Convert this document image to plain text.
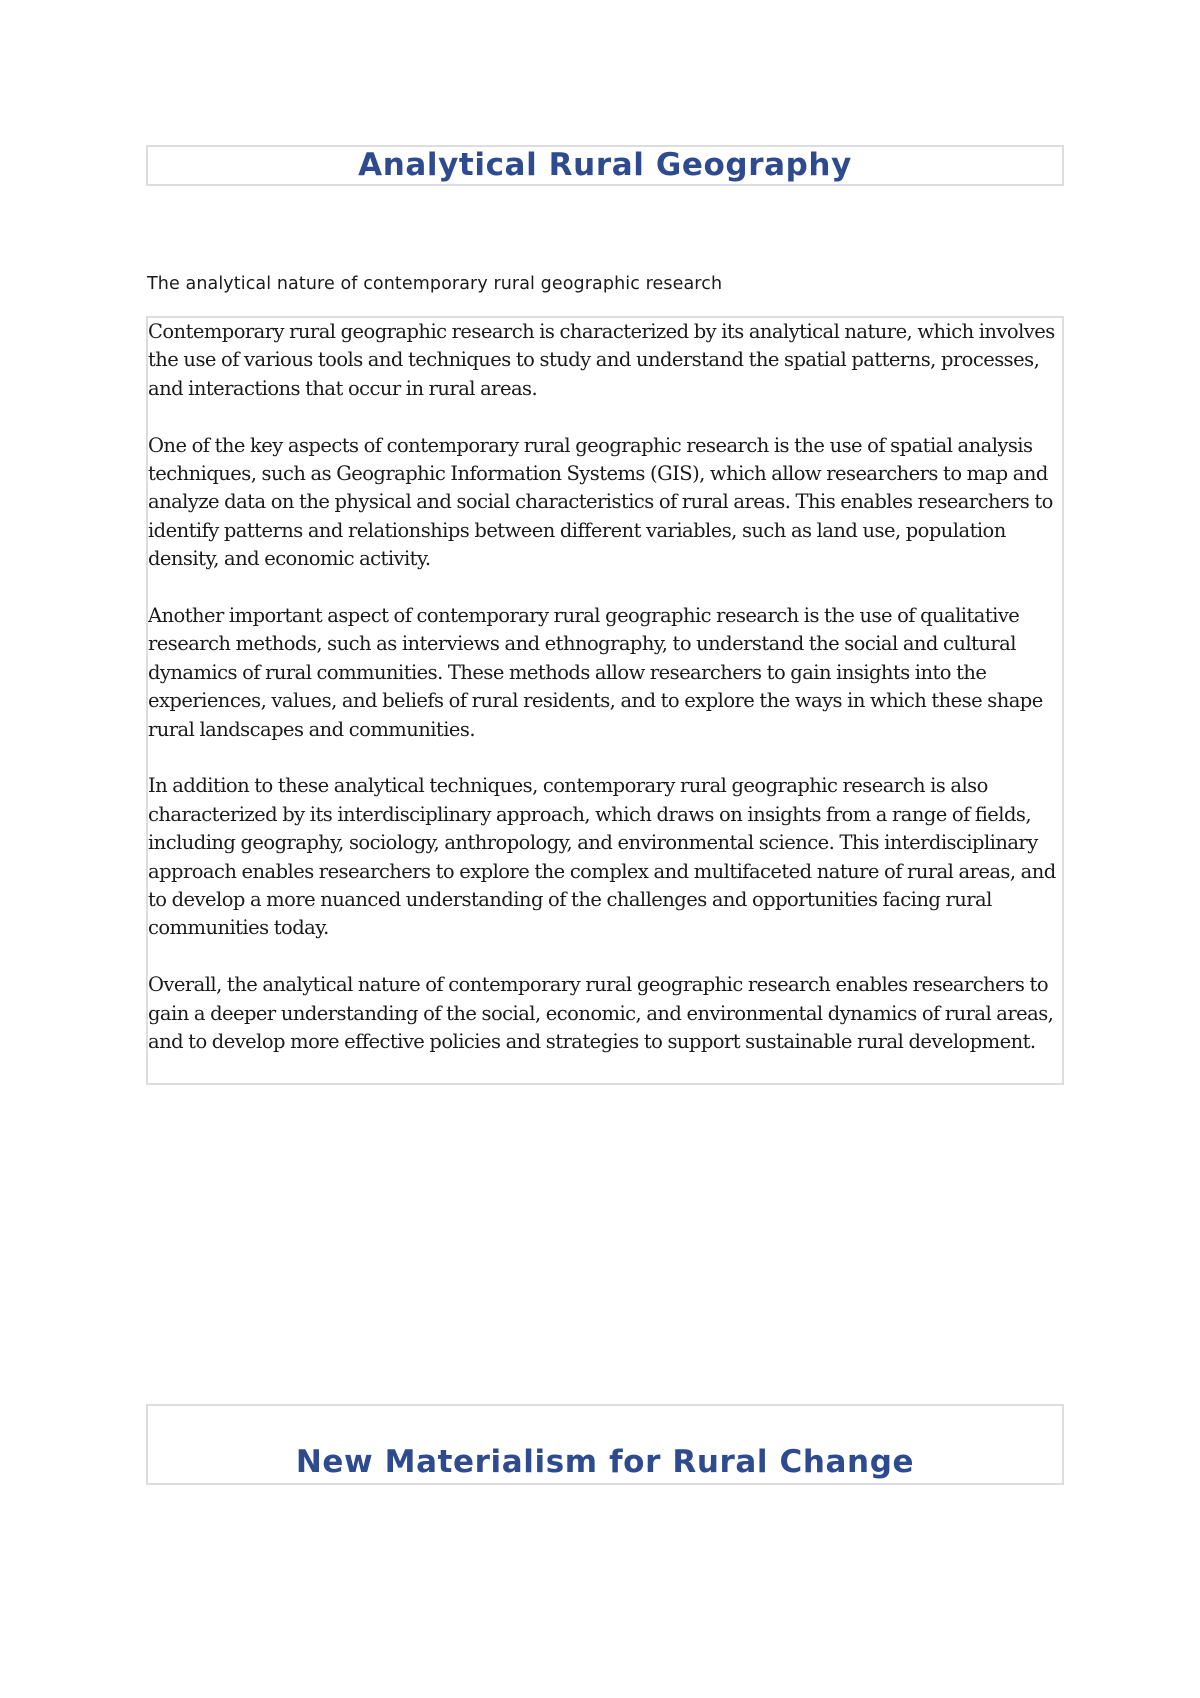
Analytical Rural Geography
The analytical nature of contemporary rural geographic research

Contemporary rural geographic research is characterized by its analytical nature, which involves the use of various tools and techniques to study and understand the spatial patterns, processes, and interactions that occur in rural areas.

One of the key aspects of contemporary rural geographic research is the use of spatial analysis techniques, such as Geographic Information Systems (GIS), which allow researchers to map and analyze data on the physical and social characteristics of rural areas. This enables researchers to identify patterns and relationships between different variables, such as land use, population density, and economic activity.

Another important aspect of contemporary rural geographic research is the use of qualitative research methods, such as interviews and ethnography, to understand the social and cultural dynamics of rural communities. These methods allow researchers to gain insights into the experiences, values, and beliefs of rural residents, and to explore the ways in which these shape rural landscapes and communities.

In addition to these analytical techniques, contemporary rural geographic research is also characterized by its interdisciplinary approach, which draws on insights from a range of fields, including geography, sociology, anthropology, and environmental science. This interdisciplinary approach enables researchers to explore the complex and multifaceted nature of rural areas, and to develop a more nuanced understanding of the challenges and opportunities facing rural communities today.

Overall, the analytical nature of contemporary rural geographic research enables researchers to gain a deeper understanding of the social, economic, and environmental dynamics of rural areas, and to develop more effective policies and strategies to support sustainable rural development.

New Materialism for Rural Change
